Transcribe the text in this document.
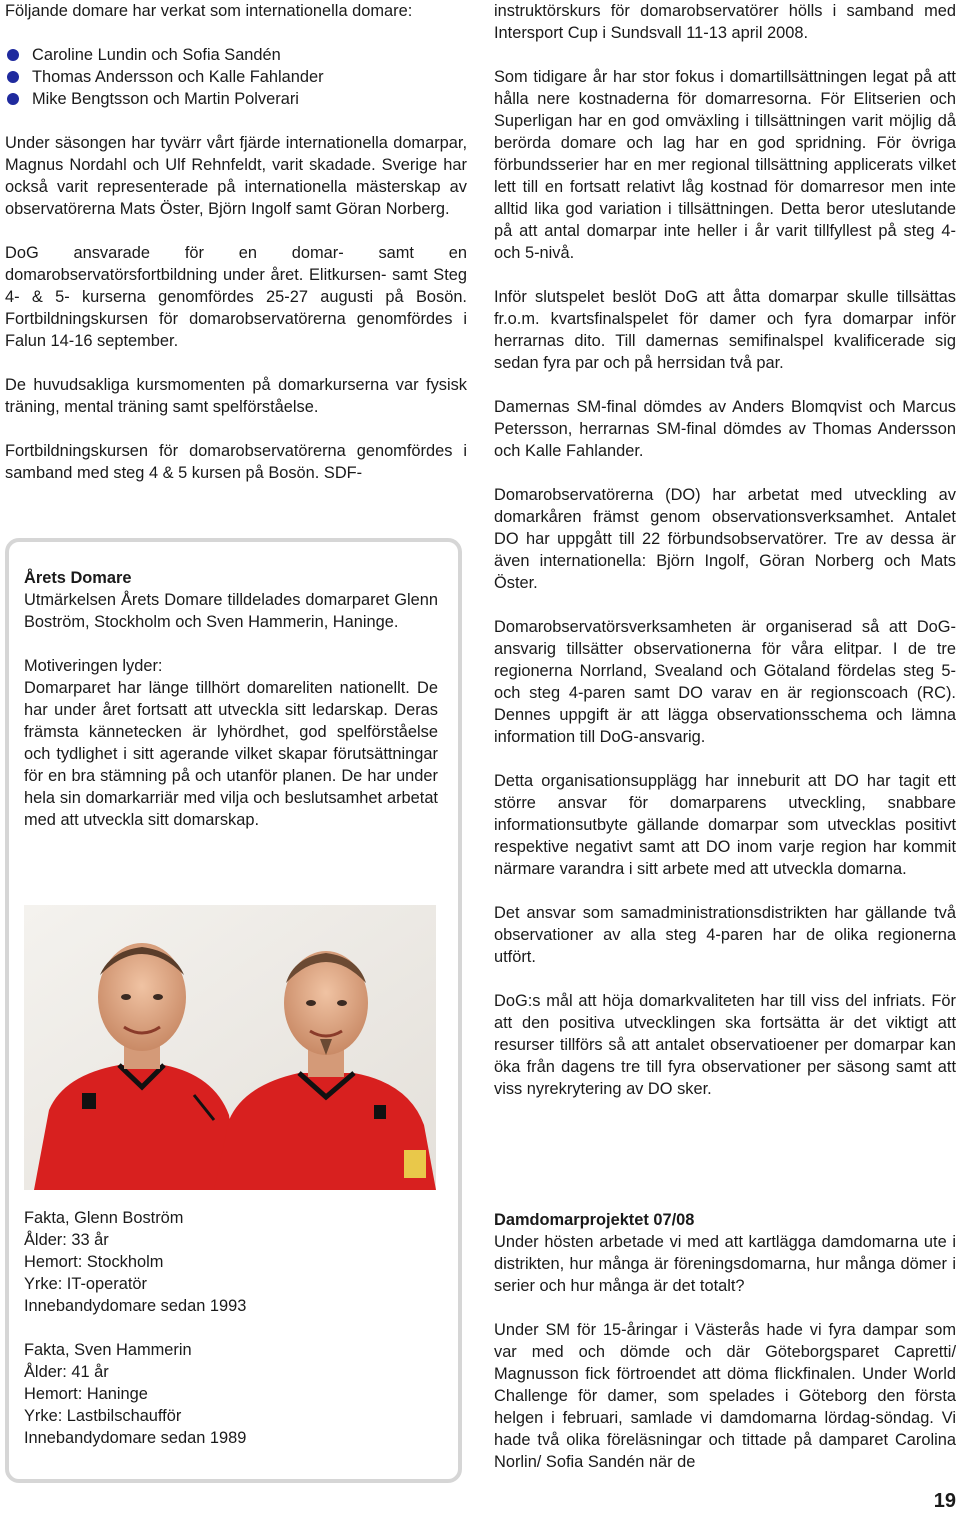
Följande domare har verkat som internationella domare:

Caroline Lundin och Sofia Sandén
Thomas Andersson och Kalle Fahlander
Mike Bengtsson och Martin Polverari

Under säsongen har tyvärr vårt fjärde internationella domarpar, Magnus Nordahl och Ulf Rehnfeldt, varit skadade. Sverige har också varit representerade på internationella mästerskap av observatörerna Mats Öster, Björn Ingolf samt Göran Norberg.

DoG ansvarade för en domar- samt en domarobservatörsfortbildning under året. Elitkursen- samt Steg 4- & 5- kurserna genomfördes 25-27 augusti på Bosön. Fortbildningskursen för domarobservatörerna genomfördes i Falun 14-16 september.

De huvudsakliga kursmomenten på domarkurserna var fysisk träning, mental träning samt spelförståelse.

Fortbildningskursen för domarobservatörerna genomfördes i samband med steg 4 & 5 kursen på Bosön. SDF-

Årets Domare

Utmärkelsen Årets Domare tilldelades domarparet Glenn Boström, Stockholm och Sven Hammerin, Haninge.

Motiveringen lyder:

Domarparet har länge tillhört domareliten nationellt. De har under året fortsatt att utveckla sitt ledarskap. Deras främsta kännetecken är lyhördhet, god spelförståelse och tydlighet i sitt agerande vilket skapar förutsättningar för en bra stämning på och utanför planen. De har under hela sin domarkarriär med vilja och beslutsamhet arbetat med att utveckla sitt domarskap.

Fakta, Glenn Boström
Ålder: 33 år
Hemort: Stockholm
Yrke: IT-operatör
Innebandydomare sedan 1993
Fakta, Sven Hammerin
Ålder: 41 år
Hemort: Haninge
Yrke: Lastbilschaufför
Innebandydomare sedan 1989

instruktörskurs för domarobservatörer hölls i samband med Intersport Cup i Sundsvall 11-13 april 2008.

Som tidigare år har stor fokus i domartillsättningen legat på att hålla nere kostnaderna för domarresorna. För Elitserien och Superligan har en god omväxling i tillsättningen varit möjlig då berörda domare och lag har en god spridning. För övriga förbundsserier har en mer regional tillsättning applicerats vilket lett till en fortsatt relativt låg kostnad för domarresor men inte alltid lika god variation i tillsättningen. Detta beror uteslutande på att antal domarpar inte heller i år varit tillfyllest på steg 4- och 5-nivå.

Inför slutspelet beslöt DoG att åtta domarpar skulle tillsättas fr.o.m. kvartsfinalspelet för damer och fyra domarpar inför herrarnas dito. Till damernas semifinalspel kvalificerade sig sedan fyra par och på herrsidan två par.

Damernas SM-final dömdes av Anders Blomqvist och Marcus Petersson, herrarnas SM-final dömdes av Thomas Andersson och Kalle Fahlander.

Domarobservatörerna (DO) har arbetat med utveckling av domarkåren främst genom observationsverksamhet. Antalet DO har uppgått till 22 förbundsobservatörer. Tre av dessa är även internationella: Björn Ingolf, Göran Norberg och Mats Öster.

Domarobservatörsverksamheten är organiserad så att DoG-ansvarig tillsätter observationerna för våra elitpar. I de tre regionerna Norrland, Svealand och Götaland fördelas steg 5- och steg 4-paren samt DO varav en är regionscoach (RC). Dennes uppgift är att lägga observationsschema och lämna information till DoG-ansvarig.

Detta organisationsupplägg har inneburit att DO har tagit ett större ansvar för domarparens utveckling, snabbare informationsutbyte gällande domarpar som utvecklas positivt respektive negativt samt att DO inom varje region har kommit närmare varandra i sitt arbete med att utveckla domarna.

Det ansvar som samadministrationsdistrikten har gällande två observationer av alla steg 4-paren har de olika regionerna utfört.

DoG:s mål att höja domarkvaliteten har till viss del infriats. För att den positiva utvecklingen ska fortsätta är det viktigt att resurser tillförs så att antalet observatioener per domarpar kan öka från dagens tre till fyra observationer per säsong samt att viss nyrekrytering av DO sker.

Damdomarprojektet 07/08

Under hösten arbetade vi med att kartlägga damdomarna ute i distrikten, hur många är föreningsdomarna, hur många dömer i serier och hur många är det totalt?

Under SM för 15-åringar i Västerås hade vi fyra dampar som var med och dömde och där Göteborgsparet Capretti/ Magnusson fick förtroendet att döma flickfinalen. Under World Challenge för damer, som spelades i Göteborg den första helgen i februari, samlade vi damdomarna lördag-söndag. Vi hade två olika föreläsningar och tittade på damparet Carolina Norlin/ Sofia Sandén när de

19
